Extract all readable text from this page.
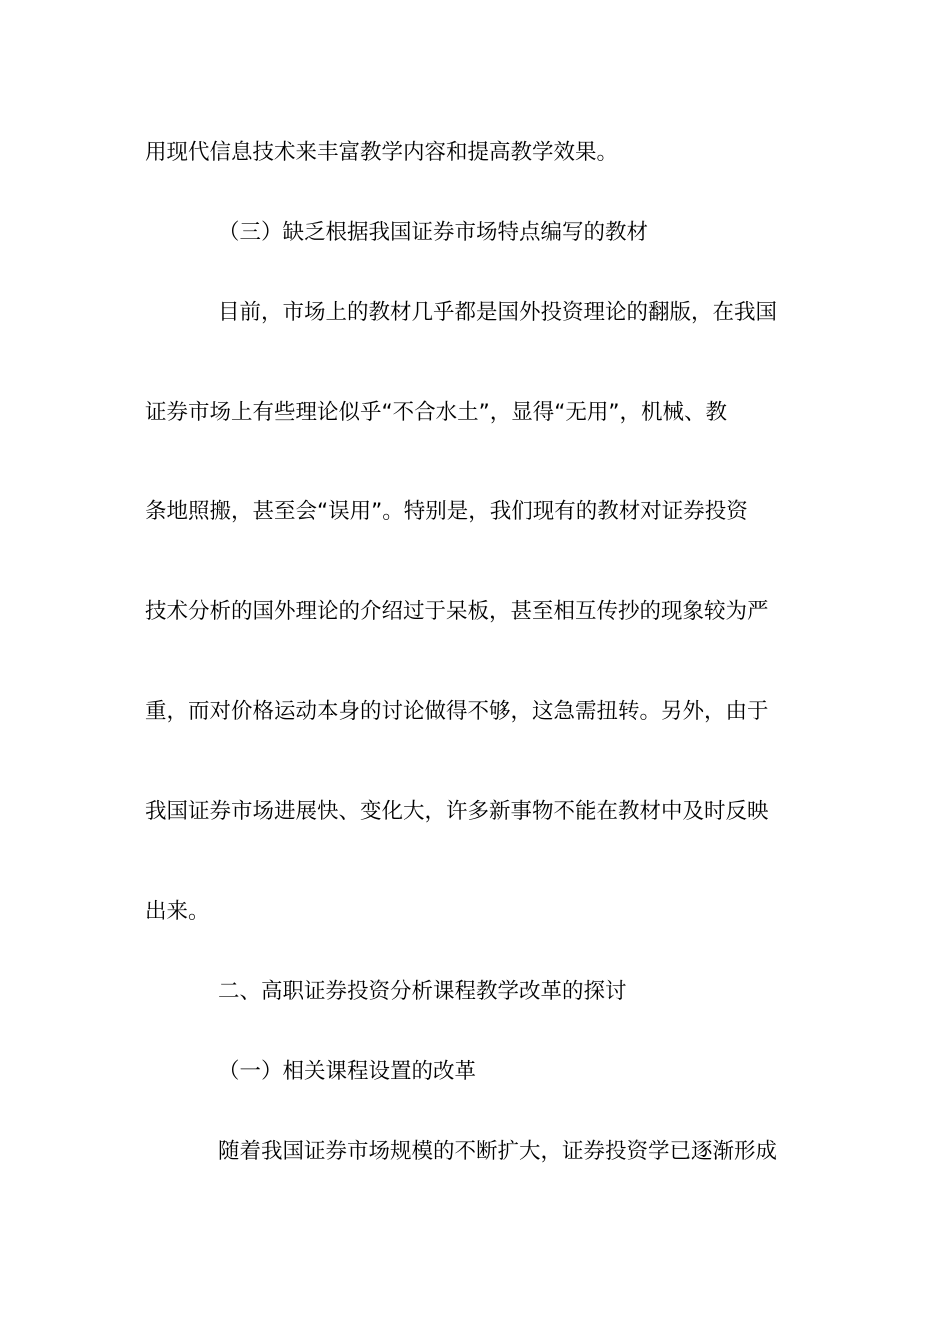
用现代信息技术来丰富教学内容和提高教学效果。
（三）缺乏根据我国证券市场特点编写的教材
目前，市场上的教材几乎都是国外投资理论的翻版，在我国
证券市场上有些理论似乎“不合水土”，显得“无用”，机械、教
条地照搬，甚至会“误用”。特别是，我们现有的教材对证券投资
技术分析的国外理论的介绍过于呆板，甚至相互传抄的现象较为严
重，而对价格运动本身的讨论做得不够，这急需扭转。另外，由于
我国证券市场进展快、变化大，许多新事物不能在教材中及时反映
出来。
二、高职证券投资分析课程教学改革的探讨
（一）相关课程设置的改革
随着我国证券市场规模的不断扩大，证券投资学已逐渐形成
